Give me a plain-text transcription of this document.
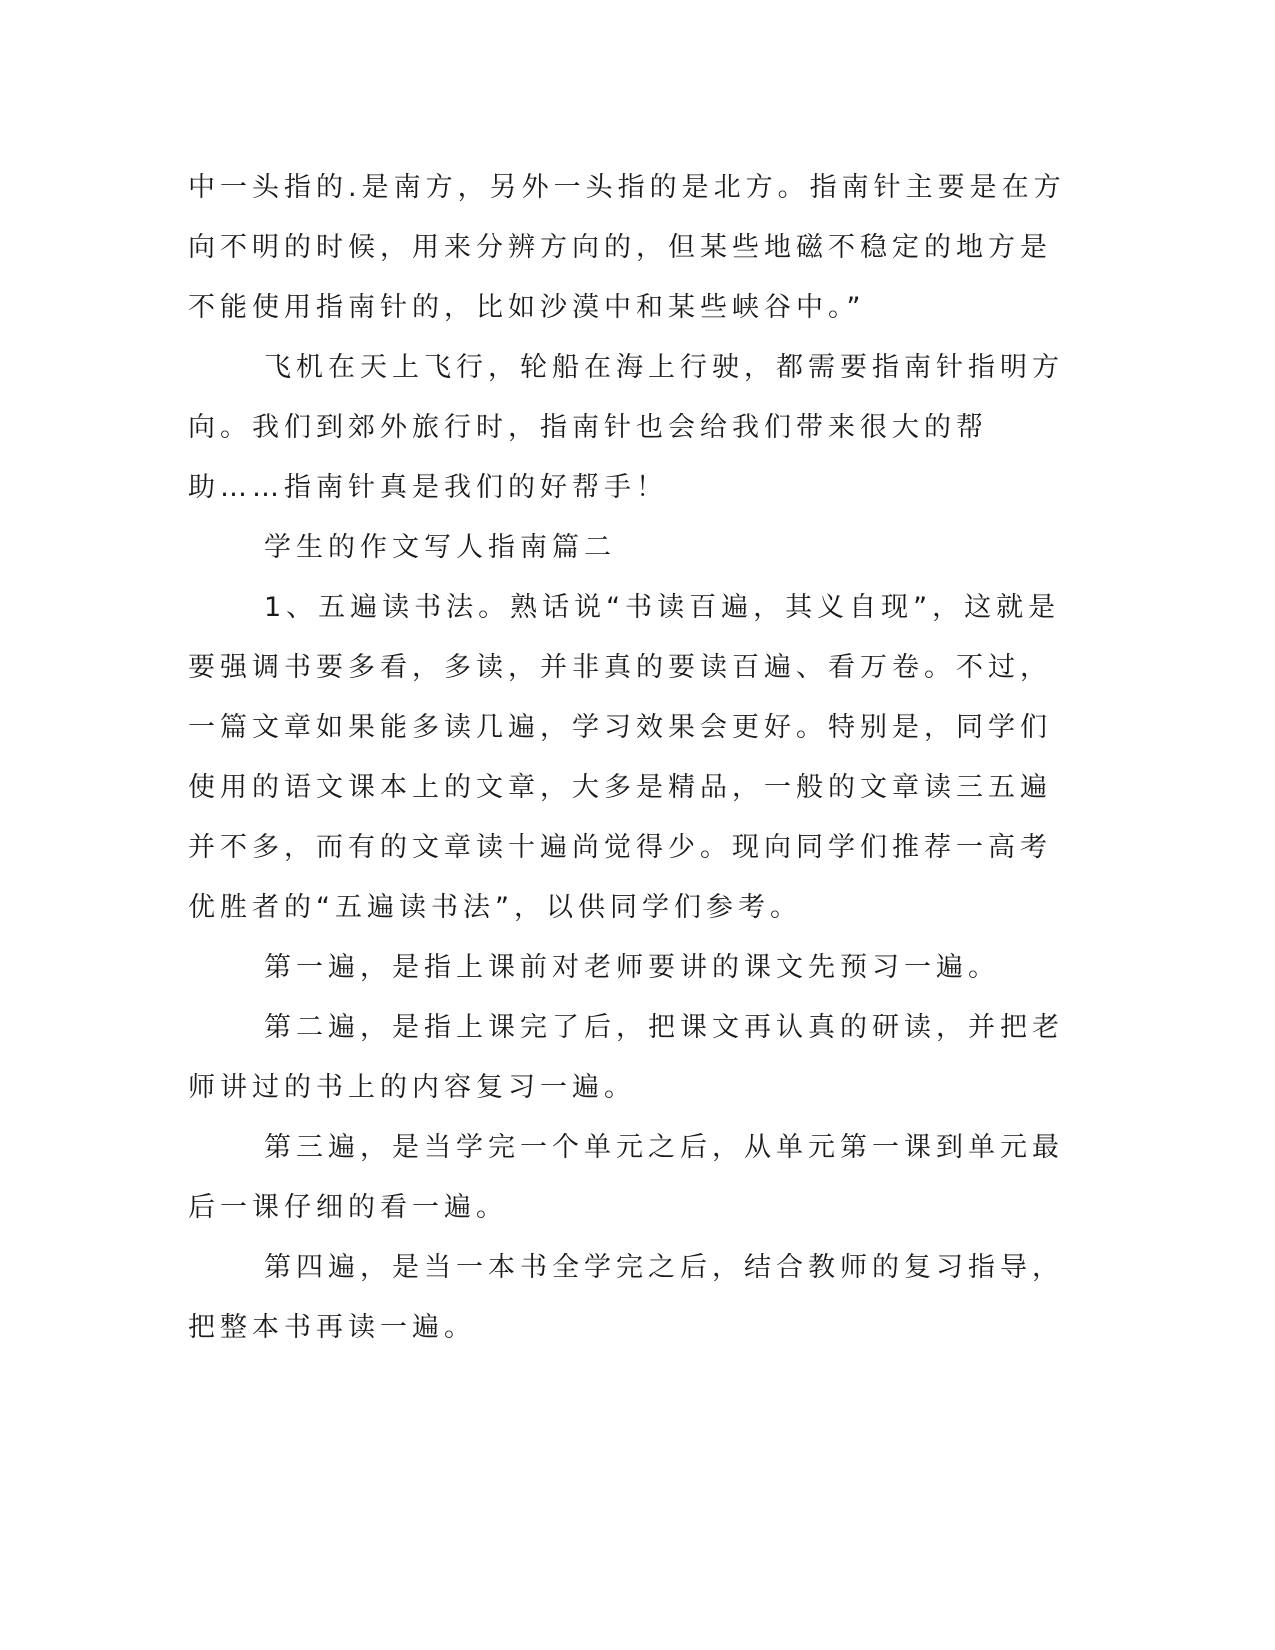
中一头指的.是南方，另外一头指的是北方。指南针主要是在方向不明的时候，用来分辨方向的，但某些地磁不稳定的地方是不能使用指南针的，比如沙漠中和某些峡谷中。”

飞机在天上飞行，轮船在海上行驶，都需要指南针指明方向。我们到郊外旅行时，指南针也会给我们带来很大的帮助……指南针真是我们的好帮手！

学生的作文写人指南篇二

1、五遍读书法。熟话说“书读百遍，其义自现”，这就是要强调书要多看，多读，并非真的要读百遍、看万卷。不过，一篇文章如果能多读几遍，学习效果会更好。特别是，同学们使用的语文课本上的文章，大多是精品，一般的文章读三五遍并不多，而有的文章读十遍尚觉得少。现向同学们推荐一高考优胜者的“五遍读书法”，以供同学们参考。

第一遍，是指上课前对老师要讲的课文先预习一遍。

第二遍，是指上课完了后，把课文再认真的研读，并把老师讲过的书上的内容复习一遍。

第三遍，是当学完一个单元之后，从单元第一课到单元最后一课仔细的看一遍。

第四遍，是当一本书全学完之后，结合教师的复习指导，把整本书再读一遍。
